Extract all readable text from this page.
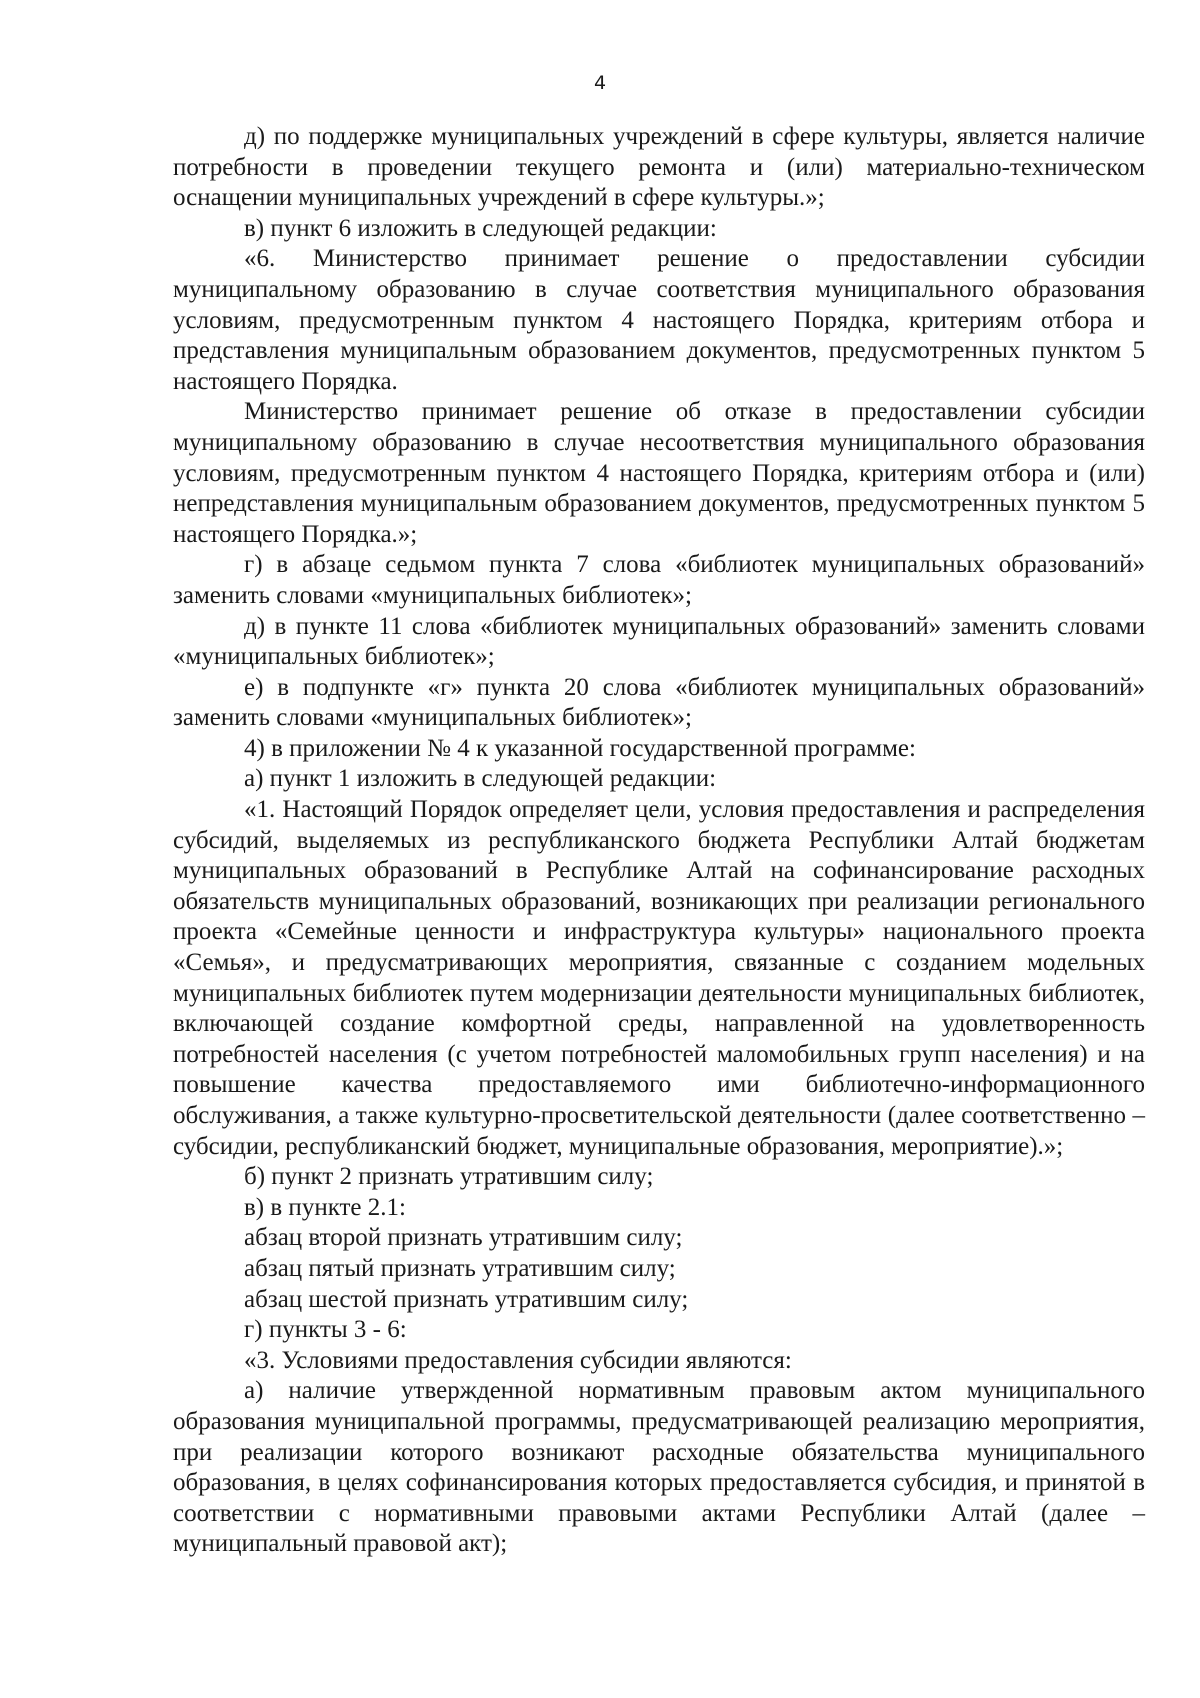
4

д) по поддержке муниципальных учреждений в сфере культуры, является наличие потребности в проведении текущего ремонта и (или) материально-техническом оснащении муниципальных учреждений в сфере культуры.»;

в) пункт 6 изложить в следующей редакции:

«6. Министерство принимает решение о предоставлении субсидии муниципальному образованию в случае соответствия муниципального образования условиям, предусмотренным пунктом 4 настоящего Порядка, критериям отбора и представления муниципальным образованием документов, предусмотренных пунктом 5 настоящего Порядка.

Министерство принимает решение об отказе в предоставлении субсидии муниципальному образованию в случае несоответствия муниципального образования условиям, предусмотренным пунктом 4 настоящего Порядка, критериям отбора и (или) непредставления муниципальным образованием документов, предусмотренных пунктом 5 настоящего Порядка.»;

г) в абзаце седьмом пункта 7 слова «библиотек муниципальных образований» заменить словами «муниципальных библиотек»;

д) в пункте 11 слова «библиотек муниципальных образований» заменить словами «муниципальных библиотек»;

е) в подпункте «г» пункта 20 слова «библиотек муниципальных образований» заменить словами «муниципальных библиотек»;

4) в приложении № 4 к указанной государственной программе:

а) пункт 1 изложить в следующей редакции:

«1. Настоящий Порядок определяет цели, условия предоставления и распределения субсидий, выделяемых из республиканского бюджета Республики Алтай бюджетам муниципальных образований в Республике Алтай на софинансирование расходных обязательств муниципальных образований, возникающих при реализации регионального проекта «Семейные ценности и инфраструктура культуры» национального проекта «Семья», и предусматривающих мероприятия, связанные с созданием модельных муниципальных библиотек путем модернизации деятельности муниципальных библиотек, включающей создание комфортной среды, направленной на удовлетворенность потребностей населения (с учетом потребностей маломобильных групп населения) и на повышение качества предоставляемого ими библиотечно-информационного обслуживания, а также культурно-просветительской деятельности (далее соответственно – субсидии, республиканский бюджет, муниципальные образования, мероприятие).»;

б) пункт 2 признать утратившим силу;

в) в пункте 2.1:

абзац второй признать утратившим силу;

абзац пятый признать утратившим силу;

абзац шестой признать утратившим силу;

г) пункты 3 - 6:

«3. Условиями предоставления субсидии являются:

а) наличие утвержденной нормативным правовым актом муниципального образования муниципальной программы, предусматривающей реализацию мероприятия, при реализации которого возникают расходные обязательства муниципального образования, в целях софинансирования которых предоставляется субсидия, и принятой в соответствии с нормативными правовыми актами Республики Алтай (далее – муниципальный правовой акт);
